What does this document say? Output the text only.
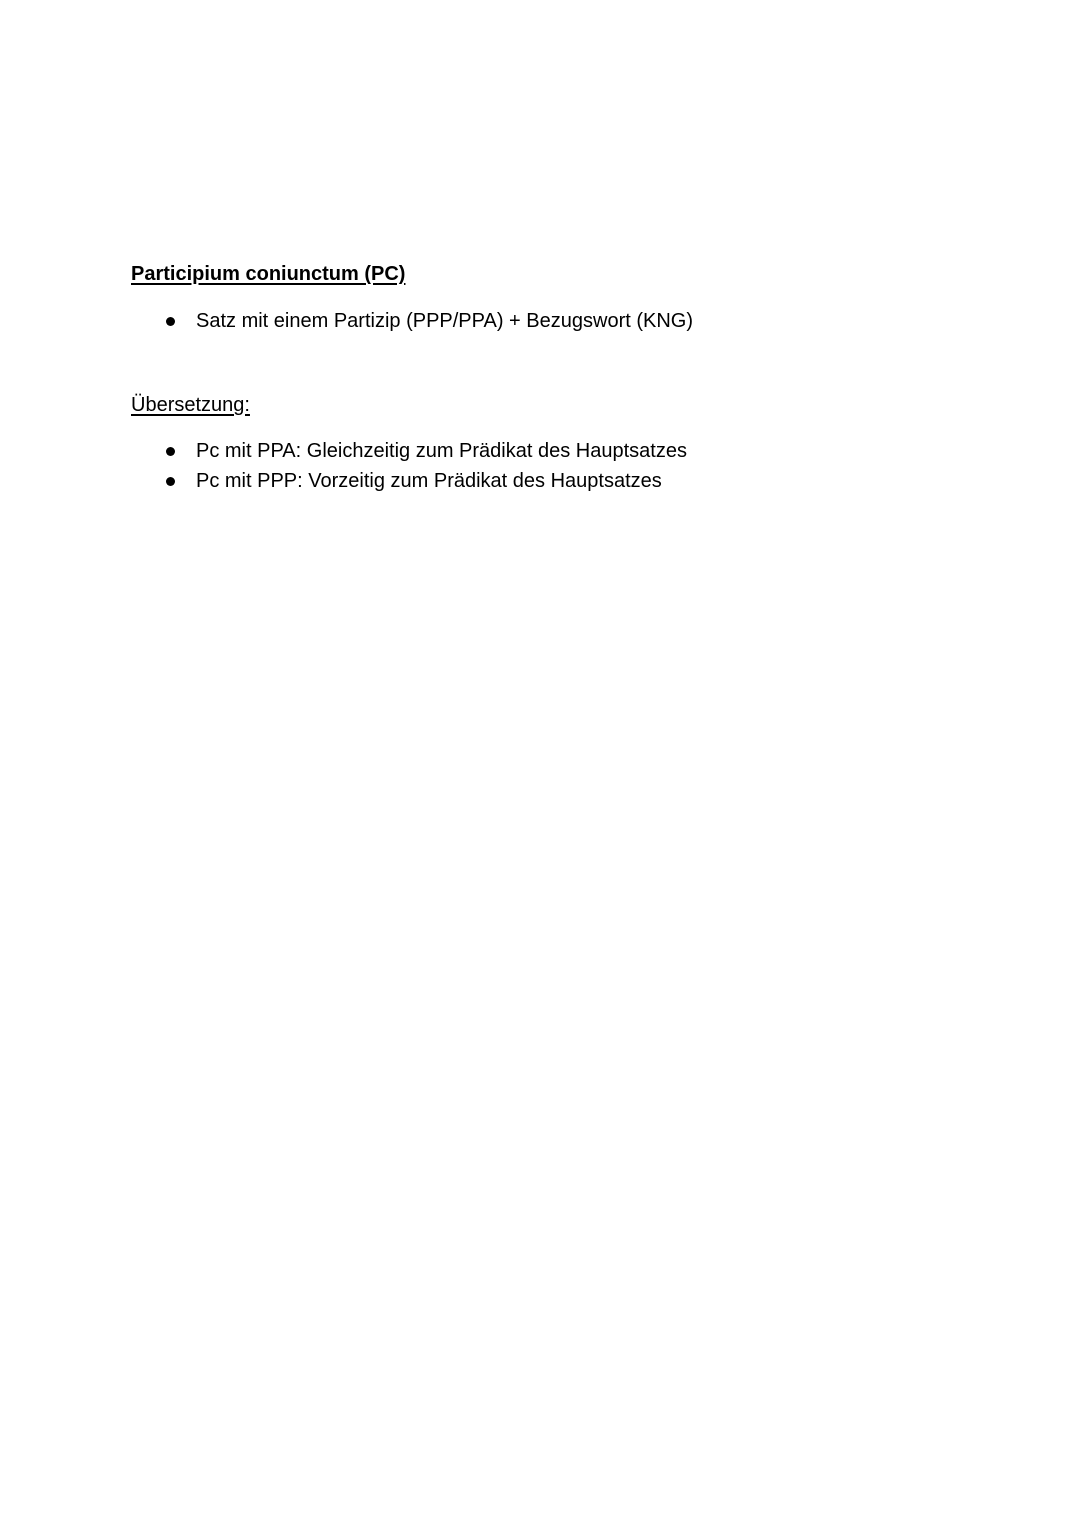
Participium coniunctum (PC)
Satz mit einem Partizip (PPP/PPA) + Bezugswort (KNG)
Übersetzung:
Pc mit PPA: Gleichzeitig zum Prädikat des Hauptsatzes
Pc mit PPP: Vorzeitig zum Prädikat des Hauptsatzes
